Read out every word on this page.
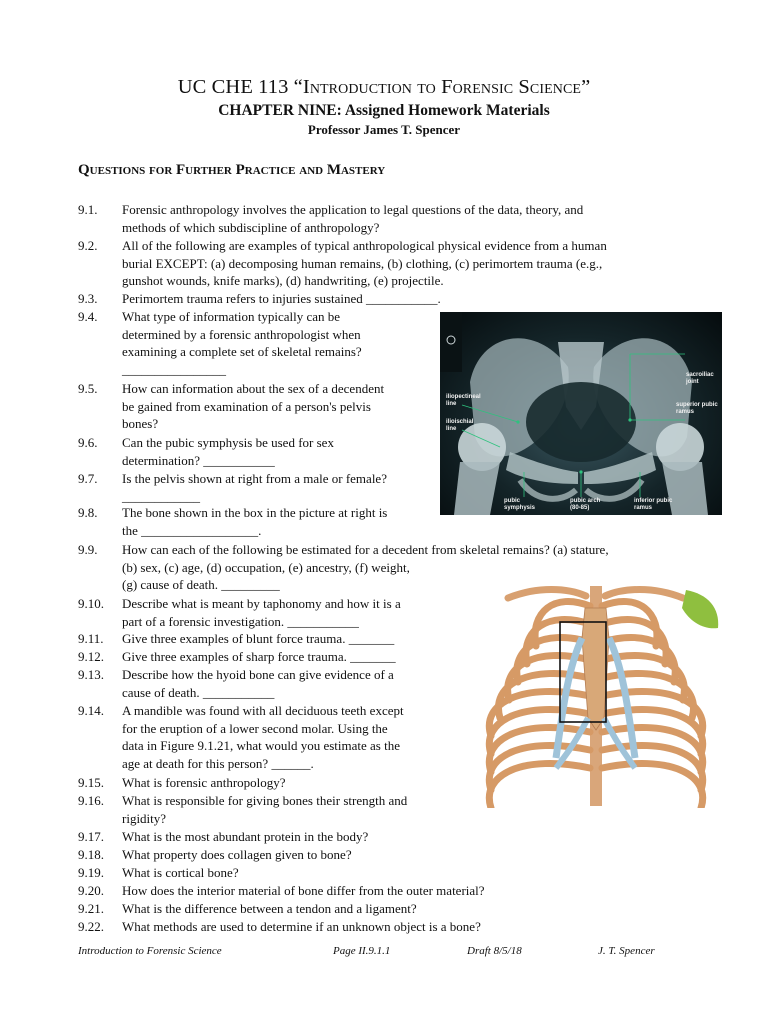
UC CHE 113 “Introduction to Forensic Science”
CHAPTER NINE: Assigned Homework Materials
Professor James T. Spencer
Questions for Further Practice and Mastery
9.1.	Forensic anthropology involves the application to legal questions of the data, theory, and
methods of which subdiscipline of anthropology?
9.2.	All of the following are examples of typical anthropological physical evidence from a human
burial EXCEPT: (a) decomposing human remains, (b) clothing, (c) perimortem trauma (e.g.,
gunshot wounds, knife marks), (d) handwriting, (e) projectile.
9.3.	Perimortem trauma refers to injuries sustained ___________.
9.4.	What type of information typically can be
determined by a forensic anthropologist when
examining a complete set of skeletal remains?
________________
9.5.	How can information about the sex of a decendent
be gained from examination of a person's pelvis
bones?
9.6.	Can the pubic symphysis be used for sex
determination? ___________
9.7.	Is the pelvis shown at right from a male or female?
____________
9.8.	The bone shown in the box in the picture at right is
the __________________.
9.9.	How can each of the following be estimated for a decedent from skeletal remains? (a) stature,
(b) sex, (c) age, (d) occupation, (e) ancestry, (f) weight,
(g) cause of death. _________
9.10.	Describe what is meant by taphonomy and how it is a
part of a forensic investigation. ___________
9.11.	Give three examples of blunt force trauma. _______
9.12.	Give three examples of sharp force trauma. _______
9.13.	Describe how the hyoid bone can give evidence of a
cause of death. ___________
9.14.	A mandible was found with all deciduous teeth except
for the eruption of a lower second molar. Using the
data in Figure 9.1.21, what would you estimate as the
age at death for this person? ______.
9.15.	What is forensic anthropology?
9.16.	What is responsible for giving bones their strength and
rigidity?
9.17.	What is the most abundant protein in the body?
9.18.	What property does collagen given to bone?
9.19.	What is cortical bone?
9.20.	How does the interior material of bone differ from the outer material?
9.21.	What is the difference between a tendon and a ligament?
9.22.	What methods are used to determine if an unknown object is a bone?
sacroiliac
joint
iliopectineal
line
ilioischial
line
superior pubic
ramus
pubic
symphysis
pubic arch
(80-85)
inferior pubic
ramus
Introduction to Forensic Science	Page II.9.1.1	Draft 8/5/18	J. T. Spencer
